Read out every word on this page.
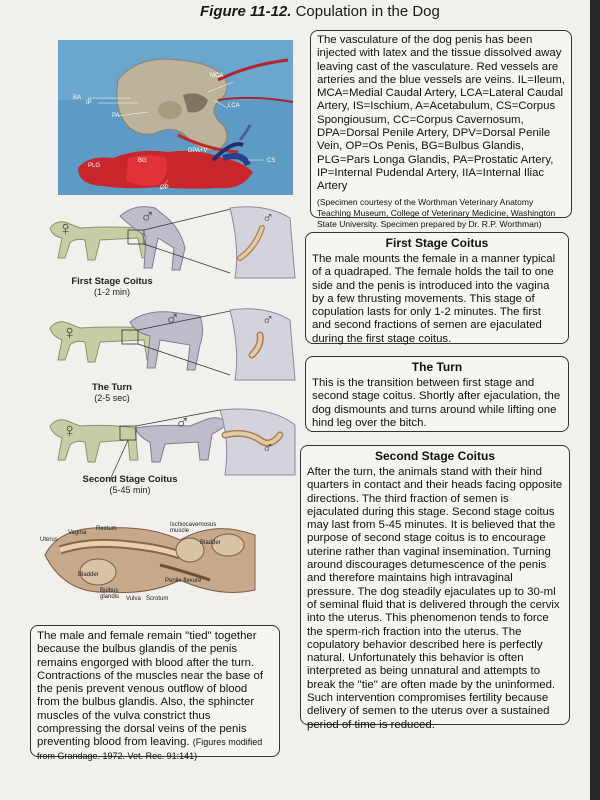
Figure 11-12. Copulation in the Dog
BA
IP
PA
MCA
LCA
DPA+V
BG
PLG
OP
CS

The vasculature of the dog penis has been injected with latex and the tissue dissolved away leaving cast of the vasculature. Red vessels are arteries and the blue vessels are veins. IL=Ileum, MCA=Medial Caudal Artery, LCA=Lateral Caudal Artery, IS=Ischium, A=Acetabulum, CS=Corpus Spongiousum, CC=Corpus Cavernosum, DPA=Dorsal Penile Artery, DPV=Dorsal Penile Vein, OP=Os Penis, BG=Bulbus Glandis, PLG=Pars Longa Glandis, PA=Prostatic Artery, IP=Internal Pudendal Artery, IIA=Internal Iliac Artery

(Specimen courtesy of the Worthman Veterinary Anatomy Teaching Museum, College of Veterinary Medicine, Washington State University. Specimen prepared by Dr. R.P. Worthman)

♀
♂	♂
First Stage Coitus
(1-2 min)
♀
♂	♂
The Turn
(2-5 sec)
♀	♂
♂
Second Stage Coitus
(5-45 min)
Uterus
Vagina
Rectum
Ischiocavernosus muscle
Bladder
Bladder
Penile flexure
Bulbus glandis	Vulva Scrotum
First Stage Coitus

The male mounts the female in a manner typical of a quadraped. The female holds the tail to one side and the penis is introduced into the vagina by a few thrusting movements. This stage of copulation lasts for only 1-2 minutes. The first and second fractions of semen are ejaculated during the first stage coitus.

The Turn

This is the transition between first stage and second stage coitus. Shortly after ejaculation, the dog dismounts and turns around while lifting one hind leg over the bitch.

Second Stage Coitus

After the turn, the animals stand with their hind quarters in contact and their heads facing opposite directions. The third fraction of semen is ejaculated during this stage. Second stage coitus may last from 5-45 minutes. It is believed that the purpose of second stage coitus is to encourage uterine rather than vaginal insemination. Turning around discourages detumescence of the penis and therefore maintains high intravaginal pressure. The dog steadily ejaculates up to 30-ml of seminal fluid that is delivered through the cervix into the uterus. This phenomenon tends to force the sperm-rich fraction into the uterus. The copulatory behavior described here is perfectly natural. Unfortunately this behavior is often interpreted as being unnatural and attempts to break the "tie" are often made by the uninformed. Such intervention compromises fertility because delivery of semen to the uterus over a sustained period of time is reduced.

The male and female remain "tied" together because the bulbus glandis of the penis remains engorged with blood after the turn. Contractions of the muscles near the base of the penis prevent venous outflow of blood from the bulbus glandis. Also, the sphincter muscles of the vulva constrict thus compressing the dorsal veins of the penis preventing blood from leaving. (Figures modified from Grandage. 1972. Vet. Rec. 91:141)
